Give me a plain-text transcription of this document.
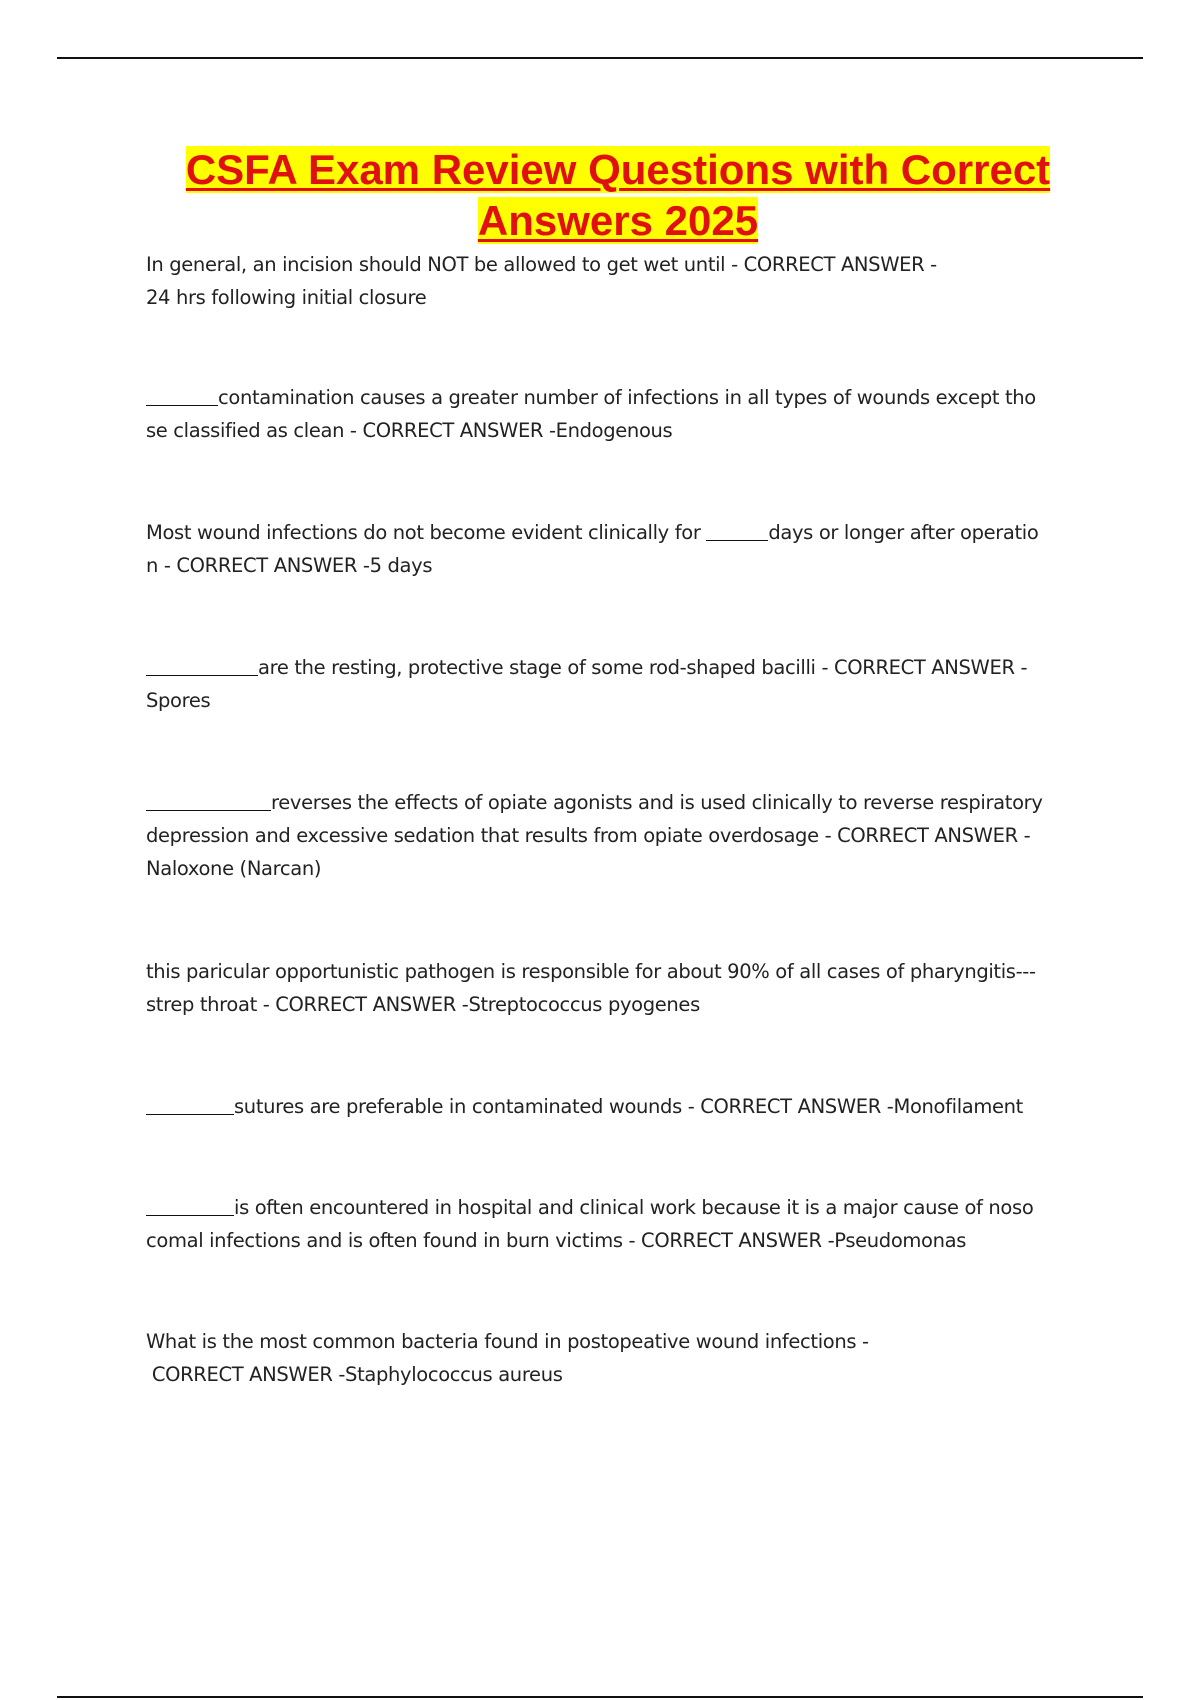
CSFA Exam Review Questions with Correct
Answers 2025
In general, an incision should NOT be allowed to get wet until - CORRECT ANSWER -
24 hrs following initial closure
contamination causes a greater number of infections in all types of wounds except tho
se classified as clean - CORRECT ANSWER -Endogenous
Most wound infections do not become evident clinically for	days or longer after operatio
n - CORRECT ANSWER -5 days
are the resting, protective stage of some rod-shaped bacilli - CORRECT ANSWER -
Spores
reverses the effects of opiate agonists and is used clinically to reverse respiratory
depression and excessive sedation that results from opiate overdosage - CORRECT ANSWER -
Naloxone (Narcan)
this paricular opportunistic pathogen is responsible for about 90% of all cases of pharyngitis---
strep throat - CORRECT ANSWER -Streptococcus pyogenes
sutures are preferable in contaminated wounds - CORRECT ANSWER -Monofilament
is often encountered in hospital and clinical work because it is a major cause of noso
comal infections and is often found in burn victims - CORRECT ANSWER -Pseudomonas
What is the most common bacteria found in postopeative wound infections -
CORRECT ANSWER -Staphylococcus aureus
